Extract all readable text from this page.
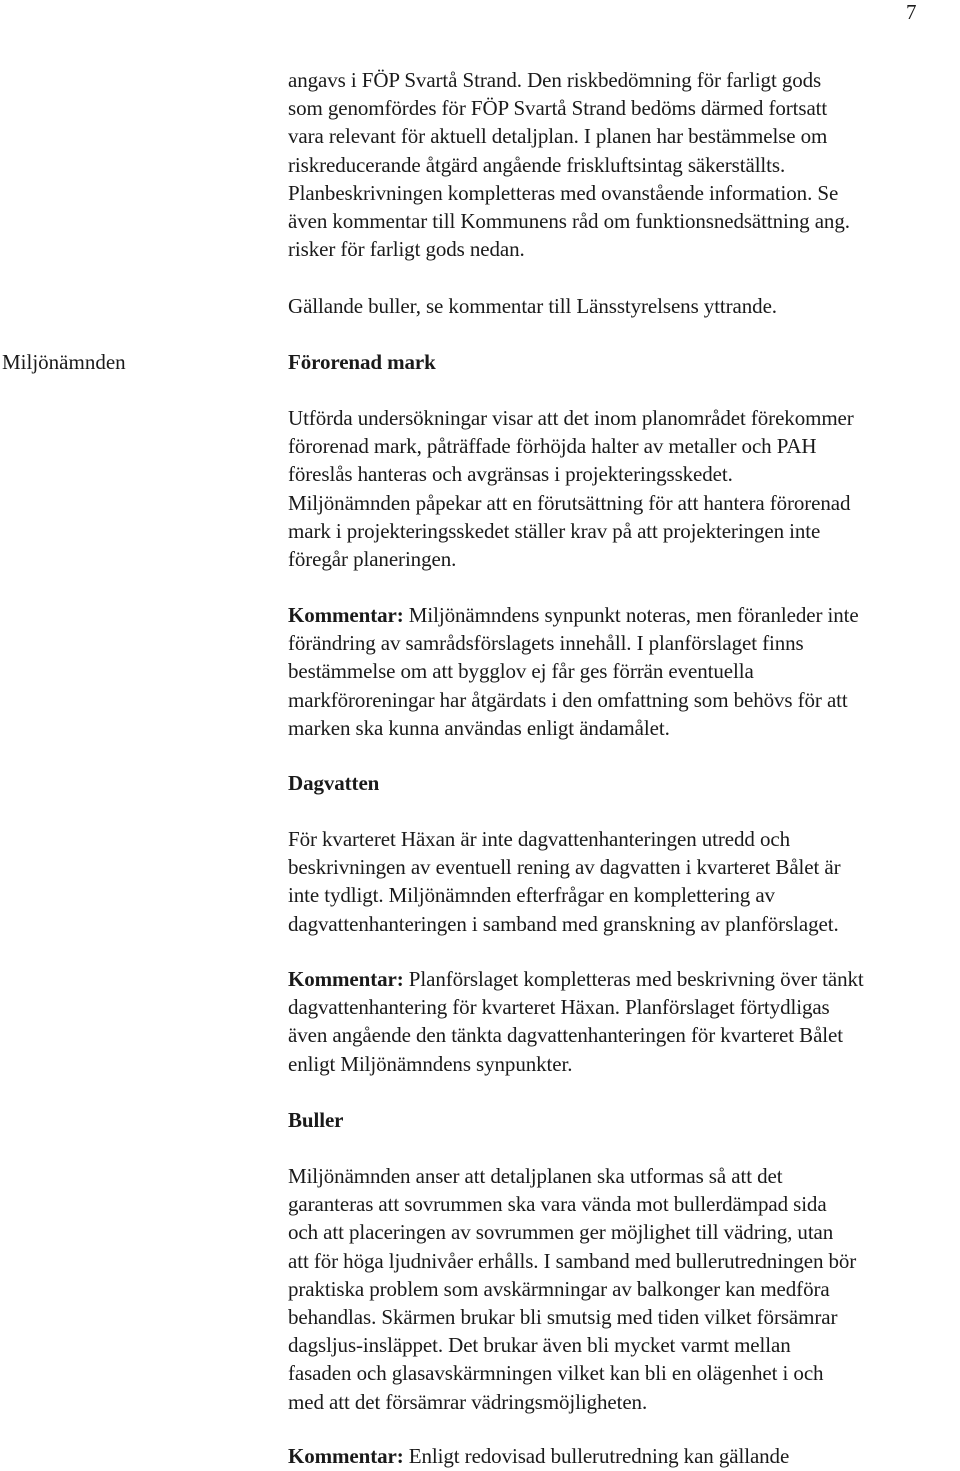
7
Miljönämnden
angavs i FÖP Svartå Strand. Den riskbedömning för farligt gods
som genomfördes för FÖP Svartå Strand bedöms därmed fortsatt
vara relevant för aktuell detaljplan. I planen har bestämmelse om
riskreducerande åtgärd angående friskluftsintag säkerställts.
Planbeskrivningen kompletteras med ovanstående information. Se
även kommentar till Kommunens råd om funktionsnedsättning ang.
risker för farligt gods nedan.
Gällande buller, se kommentar till Länsstyrelsens yttrande.
Förorenad mark
Utförda undersökningar visar att det inom planområdet förekommer
förorenad mark, påträffade förhöjda halter av metaller och PAH
föreslås hanteras och avgränsas i projekteringsskedet.
Miljönämnden påpekar att en förutsättning för att hantera förorenad
mark i projekteringsskedet ställer krav på att projekteringen inte
föregår planeringen.
Kommentar: Miljönämndens synpunkt noteras, men föranleder inte
förändring av samrådsförslagets innehåll. I planförslaget finns
bestämmelse om att bygglov ej får ges förrän eventuella
markföroreningar har åtgärdats i den omfattning som behövs för att
marken ska kunna användas enligt ändamålet.
Dagvatten
För kvarteret Häxan är inte dagvattenhanteringen utredd och
beskrivningen av eventuell rening av dagvatten i kvarteret Bålet är
inte tydligt. Miljönämnden efterfrågar en komplettering av
dagvattenhanteringen i samband med granskning av planförslaget.
Kommentar: Planförslaget kompletteras med beskrivning över tänkt
dagvattenhantering för kvarteret Häxan. Planförslaget förtydligas
även angående den tänkta dagvattenhanteringen för kvarteret Bålet
enligt Miljönämndens synpunkter.
Buller
Miljönämnden anser att detaljplanen ska utformas så att det
garanteras att sovrummen ska vara vända mot bullerdämpad sida
och att placeringen av sovrummen ger möjlighet till vädring, utan
att för höga ljudnivåer erhålls. I samband med bullerutredningen bör
praktiska problem som avskärmningar av balkonger kan medföra
behandlas. Skärmen brukar bli smutsig med tiden vilket försämrar
dagsljus-insläppet. Det brukar även bli mycket varmt mellan
fasaden och glasavskärmningen vilket kan bli en olägenhet i och
med att det försämrar vädringsmöjligheten.
Kommentar: Enligt redovisad bullerutredning kan gällande
